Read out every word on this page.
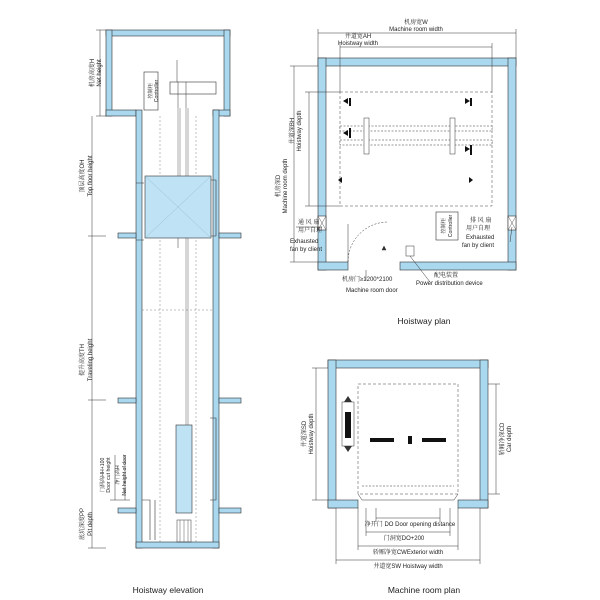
控制柜 Controller
机房高度H Net height
顶层高度OH Top floor height
提升高度TH Traveling height
门洞高HH+100 Door cut height 净门高H Net height of door
底坑深度PP Pit depth
Hoistway elevation
控制柜 Controller
机房宽W
Machine room width
井道宽AH
Hoistway width
井道深BH Hoistway depth
机房深D Machine room depth
通 风 扇
用户自理
Exhausted
fan by client
排 风 扇
用户自理
Exhausted
fan by client
配电装置
Power distribution device
机房门≥1200*2100
Machine room door
Hoistway plan
井道深SD Hoistway depth	轿厢净深CD Car depth
净开门 DO Door opening distance
门洞宽DO+200
轿厢净宽CWExterior width
井道宽SW Hoistway width
Machine room plan
